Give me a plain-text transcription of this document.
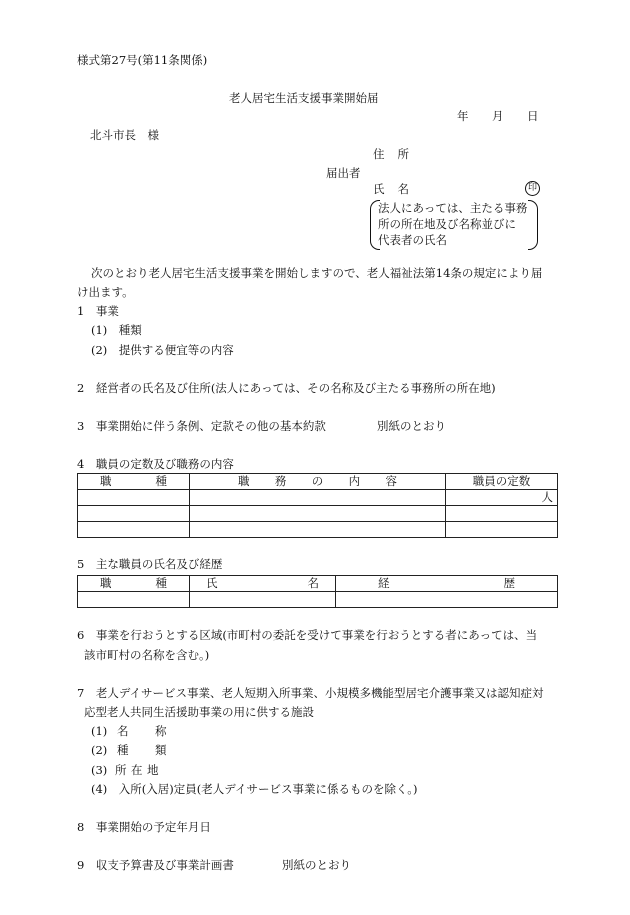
様式第27号(第11条関係)
老人居宅生活支援事業開始届
年 月 日
北斗市長　様
住 所
届出者
氏 名	印
法人にあっては、主たる事務
所の所在地及び名称並びに
代表者の氏名
次のとおり老人居宅生活支援事業を開始しますので、老人福祉法第14条の規定により届
け出ます。
1　事業
(1)　種類
(2)　提供する便宜等の内容
2　経営者の氏名及び住所(法人にあっては、その名称及び主たる事務所の所在地)
3　事業開始に伴う条例、定款その他の基本約款	別紙のとおり
4　職員の定数及び職務の内容
職 種	職 務 の 内 容	職員の定数
		人

5　主な職員の氏名及び経歴
職 種	氏 名	経 歴

6　事業を行おうとする区域(市町村の委託を受けて事業を行おうとする者にあっては、当
該市町村の名称を含む。)
7　老人デイサービス事業、老人短期入所事業、小規模多機能型居宅介護事業又は認知症対
応型老人共同生活援助事業の用に供する施設
(1) 名 称
(2) 種 類
(3) 所 在 地
(4)　入所(入居)定員(老人デイサービス事業に係るものを除く。)
8　事業開始の予定年月日
9　収支予算書及び事業計画書	別紙のとおり
